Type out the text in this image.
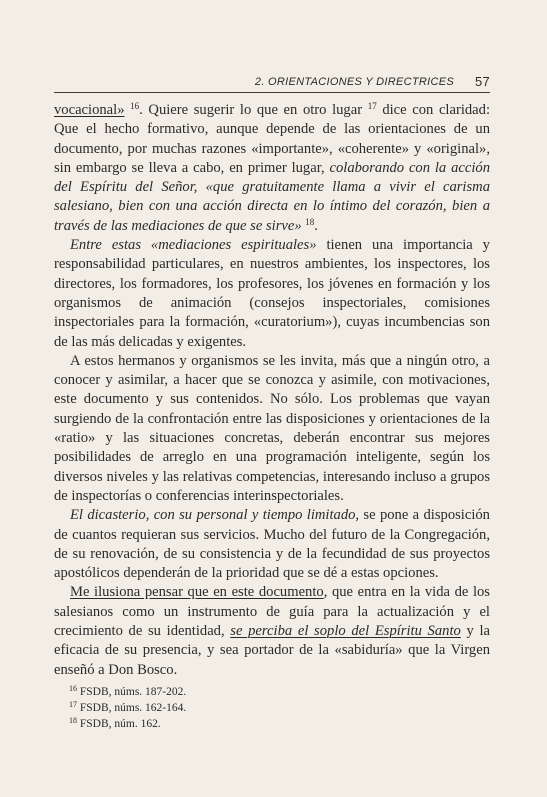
2. ORIENTACIONES Y DIRECTRICES 57

vocacional» $^{16}$. Quiere sugerir lo que en otro lugar $^{17}$ dice con claridad: Que el hecho formativo, aunque depende de las orientaciones de un documento, por muchas razones «importante», «coherente» y «original», sin embargo se lleva a cabo, en primer lugar, colaborando con la acción del Espíritu del Señor, «que gratuitamente llama a vivir el carisma salesiano, bien con una acción directa en lo íntimo del corazón, bien a través de las mediaciones de que se sirve» $^{18}$.

Entre estas «mediaciones espirituales» tienen una importancia y responsabilidad particulares, en nuestros ambientes, los inspectores, los directores, los formadores, los profesores, los jóvenes en formación y los organismos de animación (consejos inspectoriales, comisiones inspectoriales para la formación, «curatorium»), cuyas incumbencias son de las más delicadas y exigentes.

A estos hermanos y organismos se les invita, más que a ningún otro, a conocer y asimilar, a hacer que se conozca y asimile, con motivaciones, este documento y sus contenidos. No sólo. Los problemas que vayan surgiendo de la confrontación entre las disposiciones y orientaciones de la «ratio» y las situaciones concretas, deberán encontrar sus mejores posibilidades de arreglo en una programación inteligente, según los diversos niveles y las relativas competencias, interesando incluso a grupos de inspectorías o conferencias interinspectoriales.

El dicasterio, con su personal y tiempo limitado, se pone a disposición de cuantos requieran sus servicios. Mucho del futuro de la Congregación, de su renovación, de su consistencia y de la fecundidad de sus proyectos apostólicos dependerán de la prioridad que se dé a estas opciones.

Me ilusiona pensar que en este documento, que entra en la vida de los salesianos como un instrumento de guía para la actualización y el crecimiento de su identidad, se perciba el soplo del Espíritu Santo y la eficacia de su presencia, y sea portador de la «sabiduría» que la Virgen enseñó a Don Bosco.

$^{16}$ FSDB, núms. 187-202.
$^{17}$ FSDB, núms. 162-164.
$^{18}$ FSDB, núm. 162.
